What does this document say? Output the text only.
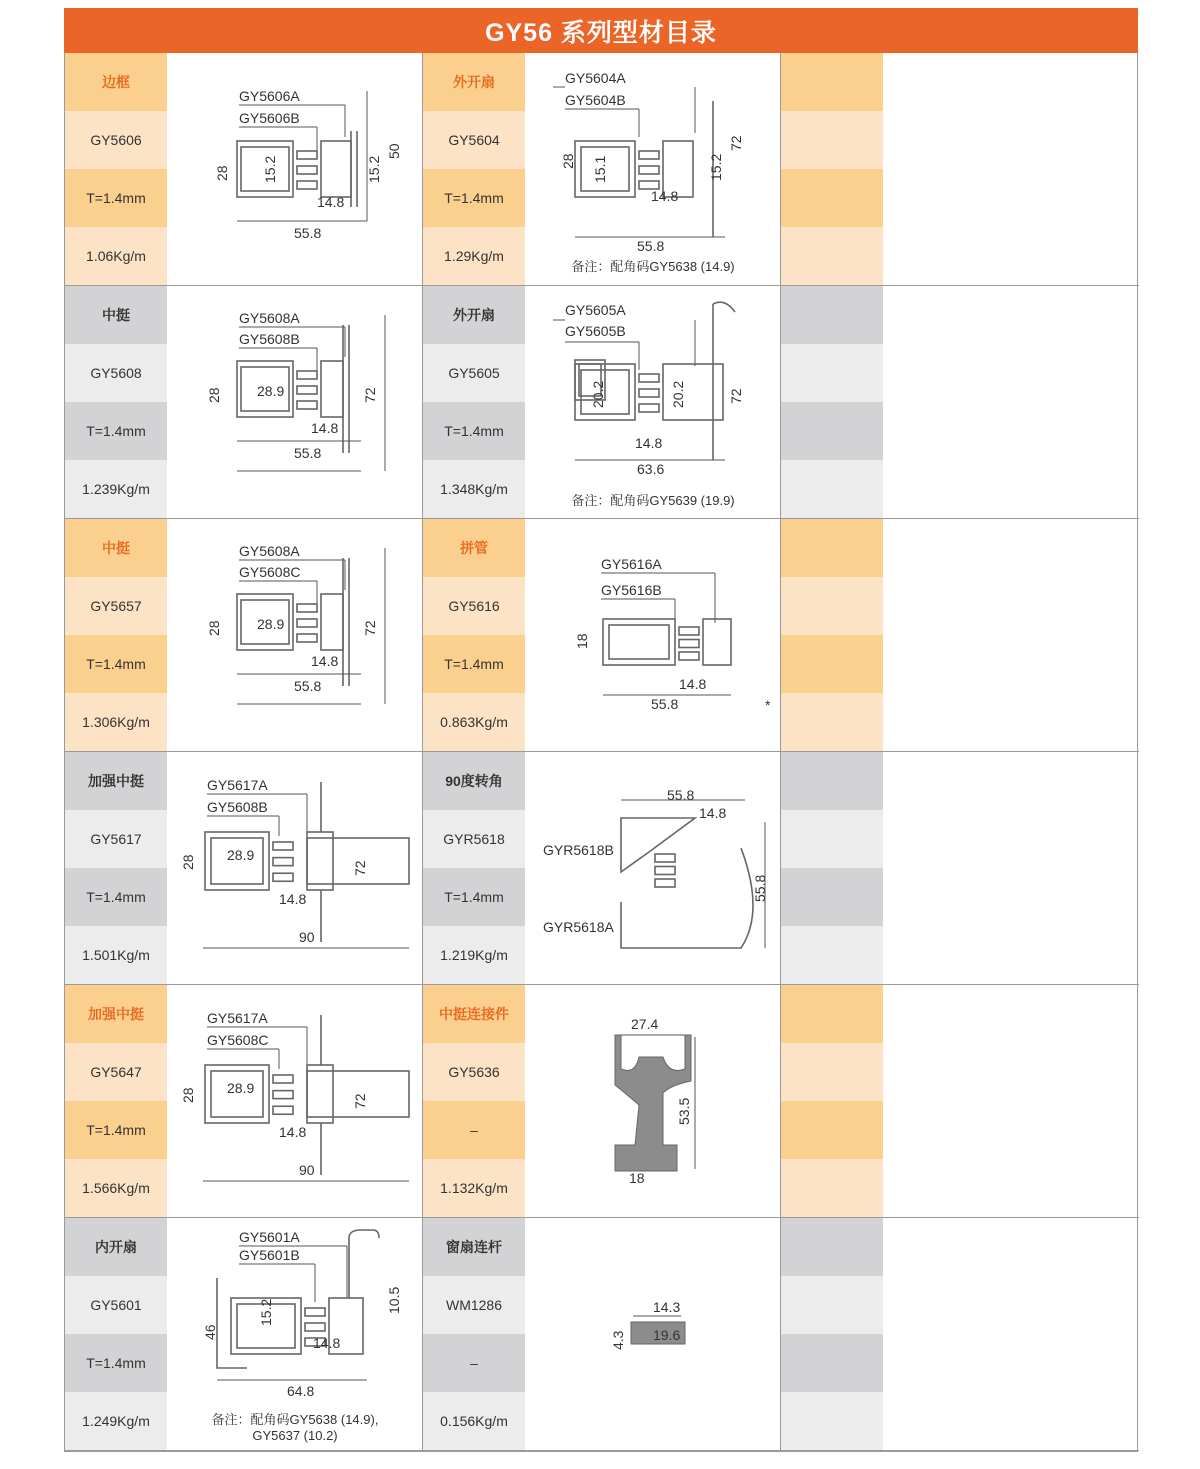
GY56 系列型材目录
边框
GY5606
T=1.4mm
1.06Kg/m
GY5606A
GY5606B
28 15.2
14.8
15.2
50
55.8
外开扇
GY5604
T=1.4mm
1.29Kg/m
GY5604A
GY5604B
28 15.1
14.8
15.2
72
55.8
备注：配角码GY5638 (14.9)
中挺
GY5608
T=1.4mm
1.239Kg/m
GY5608A
GY5608B
28	28.9
14.8
72
55.8
外开扇
GY5605
T=1.4mm
1.348Kg/m
GY5605A
GY5605B
20.2	20.2
14.8
72
63.6
备注：配角码GY5639 (19.9)
中挺
GY5657
T=1.4mm
1.306Kg/m
GY5608A
GY5608C
28	28.9
14.8
72
55.8
拼管
GY5616
T=1.4mm
0.863Kg/m
GY5616A
GY5616B
18
14.8
55.8	*
加强中挺
GY5617
T=1.4mm
1.501Kg/m
GY5617A
GY5608B
28 28.9
14.8
72
90
90度转角
GYR5618
T=1.4mm
1.219Kg/m
55.8
GYR5618B
GYR5618A
14.8
55.8
加强中挺
GY5647
T=1.4mm
1.566Kg/m
GY5617A
GY5608C
28 28.9
14.8
72
90
中挺连接件
GY5636
–
1.132Kg/m
27.4
53.5
18
内开扇
GY5601
T=1.4mm
1.249Kg/m
GY5601A
GY5601B
46
15.2
14.8
10.5
64.8
备注：配角码GY5638 (14.9),
GY5637 (10.2)
窗扇连杆
WM1286
–
0.156Kg/m
14.3
4.3 19.6
